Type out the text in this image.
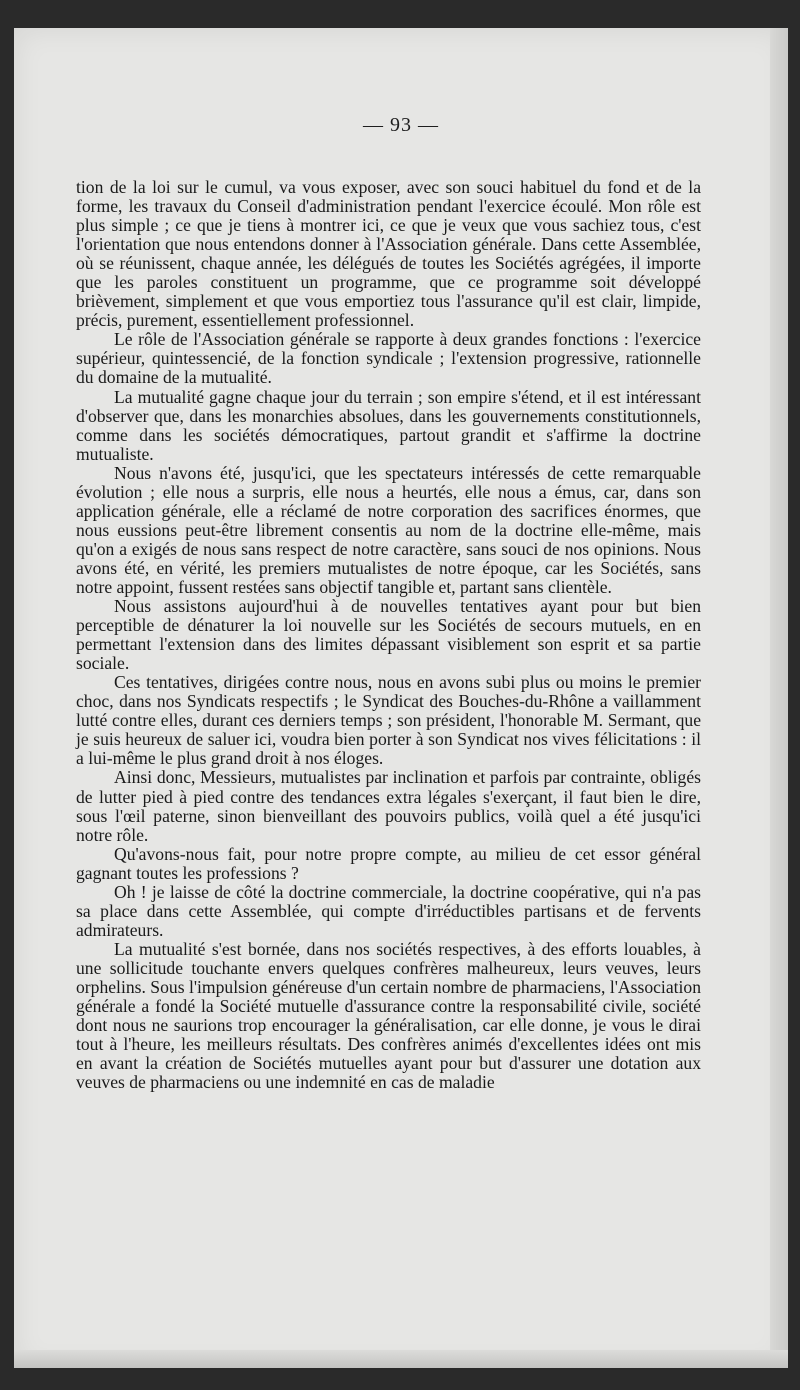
— 93 —

tion de la loi sur le cumul, va vous exposer, avec son souci habituel du fond et de la forme, les travaux du Conseil d'administration pendant l'exercice écoulé. Mon rôle est plus simple ; ce que je tiens à montrer ici, ce que je veux que vous sachiez tous, c'est l'orientation que nous entendons donner à l'Association générale. Dans cette Assemblée, où se réunissent, chaque année, les délégués de toutes les Sociétés agrégées, il importe que les paroles constituent un programme, que ce programme soit développé brièvement, simplement et que vous emportiez tous l'assurance qu'il est clair, limpide, précis, purement, essentiellement professionnel.

Le rôle de l'Association générale se rapporte à deux grandes fonctions : l'exercice supérieur, quintessencié, de la fonction syndicale ; l'extension progressive, rationnelle du domaine de la mutualité.

La mutualité gagne chaque jour du terrain ; son empire s'étend, et il est intéressant d'observer que, dans les monarchies absolues, dans les gouvernements constitutionnels, comme dans les sociétés démocratiques, partout grandit et s'affirme la doctrine mutualiste.

Nous n'avons été, jusqu'ici, que les spectateurs intéressés de cette remarquable évolution ; elle nous a surpris, elle nous a heurtés, elle nous a émus, car, dans son application générale, elle a réclamé de notre corporation des sacrifices énormes, que nous eussions peut-être librement consentis au nom de la doctrine elle-même, mais qu'on a exigés de nous sans respect de notre caractère, sans souci de nos opinions. Nous avons été, en vérité, les premiers mutualistes de notre époque, car les Sociétés, sans notre appoint, fussent restées sans objectif tangible et, partant sans clientèle.

Nous assistons aujourd'hui à de nouvelles tentatives ayant pour but bien perceptible de dénaturer la loi nouvelle sur les Sociétés de secours mutuels, en en permettant l'extension dans des limites dépassant visiblement son esprit et sa partie sociale.

Ces tentatives, dirigées contre nous, nous en avons subi plus ou moins le premier choc, dans nos Syndicats respectifs ; le Syndicat des Bouches-du-Rhône a vaillamment lutté contre elles, durant ces derniers temps ; son président, l'honorable M. Sermant, que je suis heureux de saluer ici, voudra bien porter à son Syndicat nos vives félicitations : il a lui-même le plus grand droit à nos éloges.

Ainsi donc, Messieurs, mutualistes par inclination et parfois par contrainte, obligés de lutter pied à pied contre des tendances extra légales s'exerçant, il faut bien le dire, sous l'œil paterne, sinon bienveillant des pouvoirs publics, voilà quel a été jusqu'ici notre rôle.

Qu'avons-nous fait, pour notre propre compte, au milieu de cet essor général gagnant toutes les professions ?

Oh ! je laisse de côté la doctrine commerciale, la doctrine coopérative, qui n'a pas sa place dans cette Assemblée, qui compte d'irréductibles partisans et de fervents admirateurs.

La mutualité s'est bornée, dans nos sociétés respectives, à des efforts louables, à une sollicitude touchante envers quelques confrères malheureux, leurs veuves, leurs orphelins. Sous l'impulsion généreuse d'un certain nombre de pharmaciens, l'Association générale a fondé la Société mutuelle d'assurance contre la responsabilité civile, société dont nous ne saurions trop encourager la généralisation, car elle donne, je vous le dirai tout à l'heure, les meilleurs résultats. Des confrères animés d'excellentes idées ont mis en avant la création de Sociétés mutuelles ayant pour but d'assurer une dotation aux veuves de pharmaciens ou une indemnité en cas de maladie
